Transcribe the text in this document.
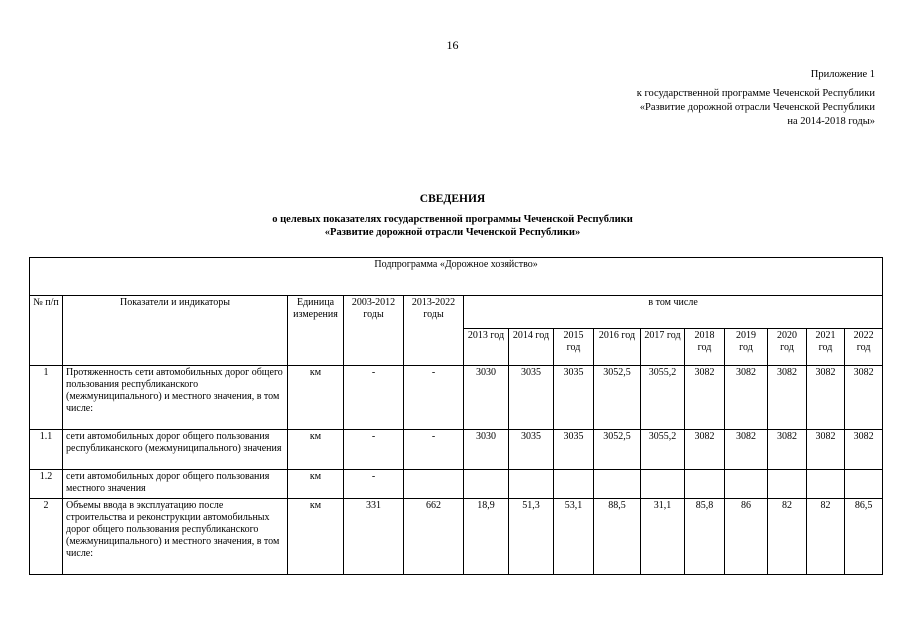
16
Приложение 1
к государственной программе Чеченской Республики
«Развитие дорожной отрасли Чеченской Республики
на 2014-2018 годы»
СВЕДЕНИЯ
о целевых показателях государственной программы Чеченской Республики
«Развитие дорожной отрасли Чеченской Республики»
Подпрограмма «Дорожное хозяйство»														
№ п/п	Показатели и индикаторы	Единица измерения	2003-2012 годы	2013-2022 годы	в том числе									
					2013 год	2014 год	2015 год	2016 год	2017 год	2018 год	2019 год	2020 год	2021 год	2022 год
1	Протяженность сети автомобильных дорог общего пользования республиканского (межмуниципального) и местного значения, в том числе:	км	-	-	3030	3035	3035	3052,5	3055,2	3082	3082	3082	3082	3082
1.1	сети автомобильных дорог общего пользования республиканского (межмуниципального) значения	км	-	-	3030	3035	3035	3052,5	3055,2	3082	3082	3082	3082	3082
1.2	сети автомобильных дорог общего пользования местного значения	км	-											
2	Объемы ввода в эксплуатацию после строительства и реконструкции автомобильных дорог общего пользования республиканского (межмуниципального) и местного значения, в том числе:	км	331	662	18,9	51,3	53,1	88,5	31,1	85,8	86	82	82	86,5
